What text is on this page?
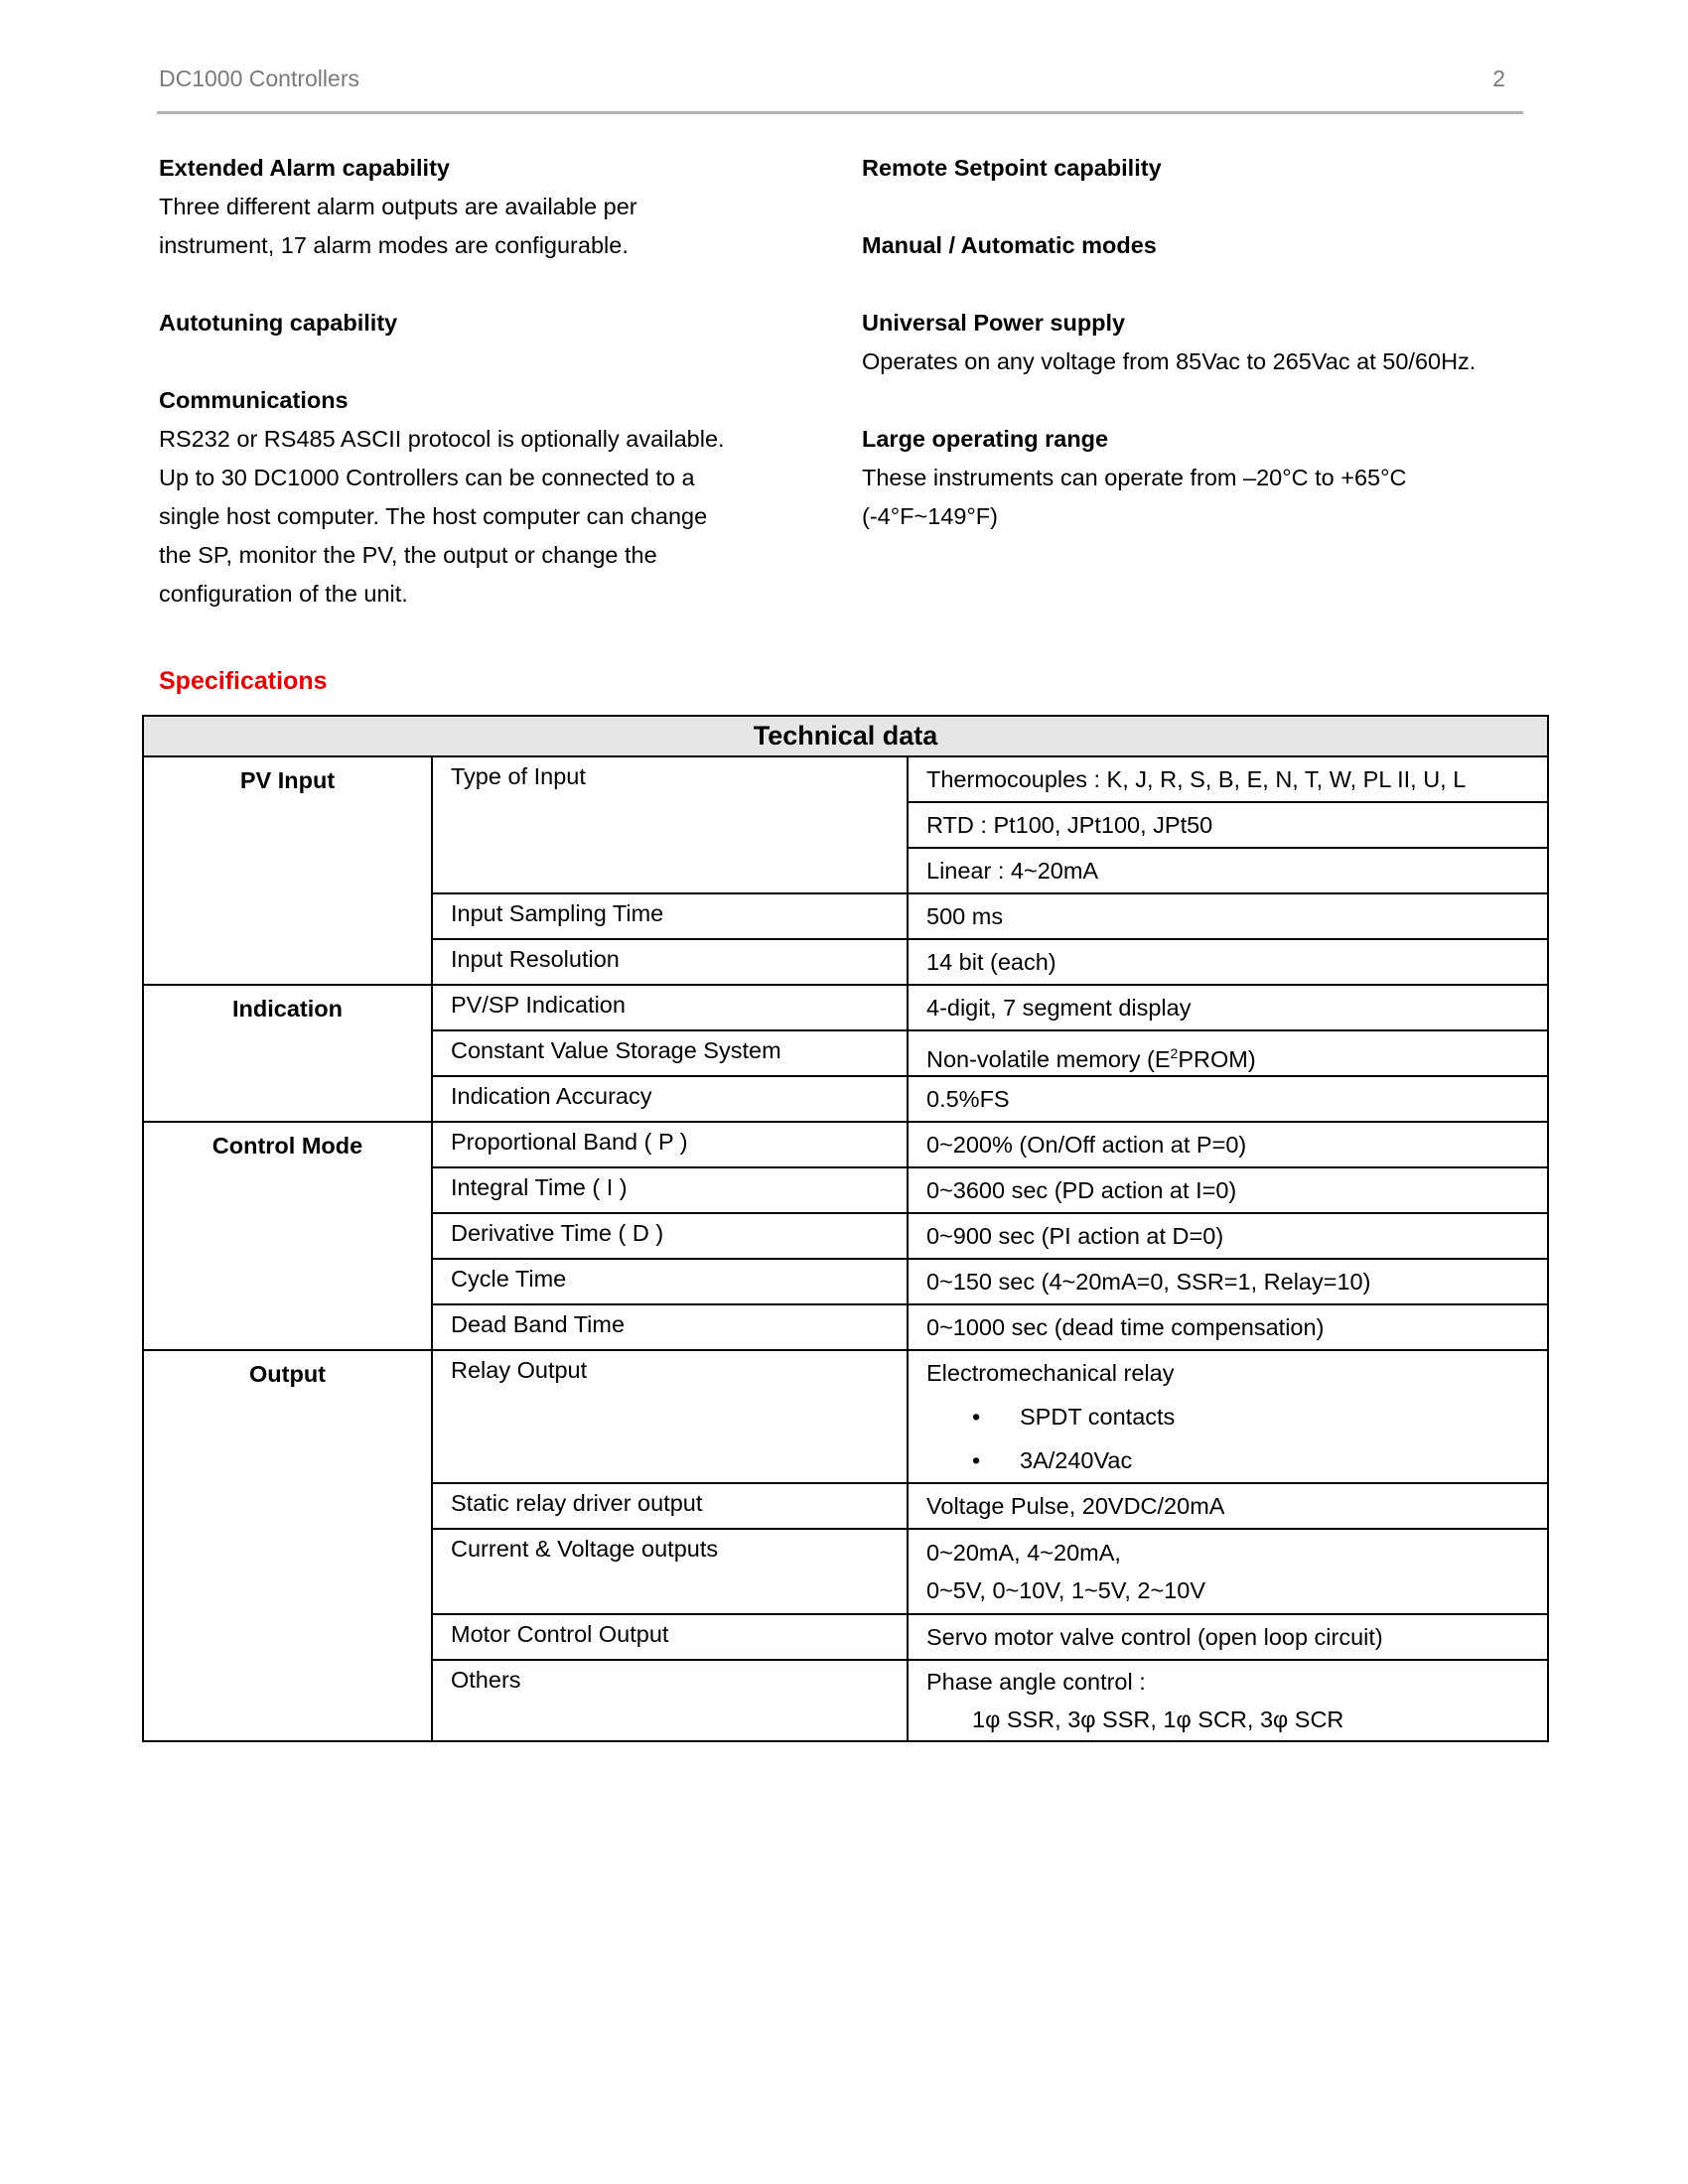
DC1000 Controllers	2
Extended Alarm capability
Three different alarm outputs are available per
instrument, 17 alarm modes are configurable.
Autotuning capability
Communications
RS232 or RS485 ASCII protocol is optionally available.
Up to 30 DC1000 Controllers can be connected to a
single host computer. The host computer can change
the SP, monitor the PV, the output or change the
configuration of the unit.
Remote Setpoint capability
Manual / Automatic modes
Universal Power supply
Operates on any voltage from 85Vac to 265Vac at 50/60Hz.
Large operating range
These instruments can operate from –20°C to +65°C
(-4°F~149°F)
Specifications
Technical data		
PV Input	Type of Input	Thermocouples : K, J, R, S, B, E, N, T, W, PL II, U, L

		RTD : Pt100, JPt100, JPt50

		Linear : 4~20mA

	Input Sampling Time	500 ms

	Input Resolution	14 bit (each)

Indication	PV/SP Indication	4-digit, 7 segment display

	Constant Value Storage System	Non-volatile memory $(E^2PROM)$

	Indication Accuracy	0.5%FS

Control Mode	Proportional Band ( P )	0~200% (On/Off action at P=0)

	Integral Time ( I )	0~3600 sec (PD action at I=0)

	Derivative Time ( D )	0~900 sec (PI action at D=0)

	Cycle Time	0~150 sec (4~20mA=0, SSR=1, Relay=10)

	Dead Band Time	0~1000 sec (dead time compensation)

Output	Relay Output	Electromechanical relay
• SPDT contacts
• 3A/240Vac

	Static relay driver output	Voltage Pulse, 20VDC/20mA

	Current & Voltage outputs	0~20mA, 4~20mA,
0~5V, 0~10V, 1~5V, 2~10V

	Motor Control Output	Servo motor valve control (open loop circuit)

	Others	Phase angle control :
1φ SSR, 3φ SSR, 1φ SCR, 3φ SCR
